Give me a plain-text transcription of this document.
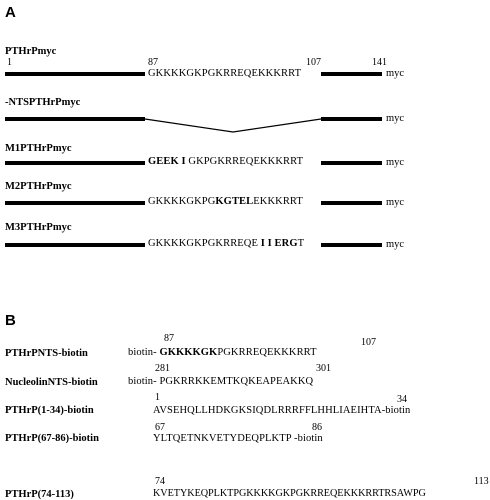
A
PTHrPmyc
1	87	107	141
GKKKKGKPGKRREQEKKKRRT	myc
-NTSPTHrPmyc
myc
M1PTHrPmyc
GEEK I GKPGKRREQEKKKRRT	myc
M2PTHrPmyc
GKKKKGKPGKGTELEKKKRRT	myc
M3PTHrPmyc
GKKKKGKPGKRREQE I I ERGT	myc
B
87	107
PTHrPNTS-biotin	biotin- GKKKKGKPGKRREQEKKKRRT
281	301
NucleolinNTS-biotin	biotin- PGKRRKKEMTKQKEAPEAKKQ
1	34
PTHrP(1-34)-biotin	AVSEHQLLHDKGKSIQDLRRRFFLHHLIAEIHTA-biotin
67	86
PTHrP(67-86)-biotin	YLTQETNKVETYDEQPLKTP -biotin
74	113
PTHrP(74-113)	KVETYKEQPLKTPGKKKKGKPGKRREQEKKKRRTRSAWPG
